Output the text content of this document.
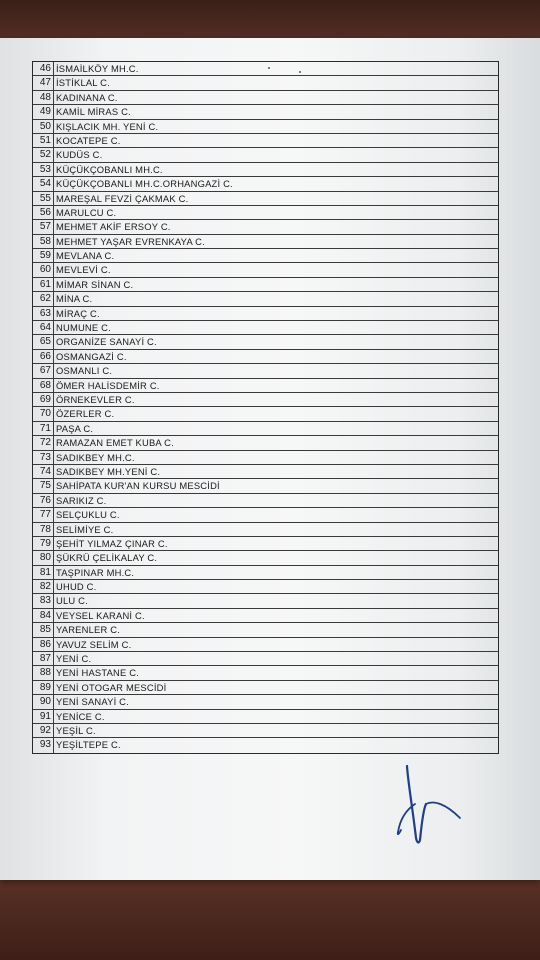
46 İSMAİLKÖY MH.C.
47 İSTİKLAL C.
48 KADINANA C.
49 KAMİL MİRAS C.
50 KIŞLACIK MH. YENİ C.
51 KOCATEPE C.
52 KUDÜS C.
53 KÜÇÜKÇOBANLI MH.C.
54 KÜÇÜKÇOBANLI MH.C.ORHANGAZİ C.
55 MAREŞAL FEVZİ ÇAKMAK C.
56 MARULCU C.
57 MEHMET AKİF ERSOY C.
58 MEHMET YAŞAR EVRENKAYA C.
59 MEVLANA C.
60 MEVLEVİ C.
61 MİMAR SİNAN C.
62 MİNA C.
63 MİRAÇ C.
64 NUMUNE C.
65 ORGANİZE SANAYİ C.
66 OSMANGAZİ C.
67 OSMANLI C.
68 ÖMER HALİSDEMİR C.
69 ÖRNEKEVLER C.
70 ÖZERLER C.
71 PAŞA C.
72 RAMAZAN EMET KUBA C.
73 SADIKBEY MH.C.
74 SADIKBEY MH.YENİ C.
75 SAHİPATA KUR'AN KURSU MESCİDİ
76 SARIKIZ C.
77 SELÇUKLU C.
78 SELİMİYE C.
79 ŞEHİT YILMAZ ÇINAR C.
80 ŞÜKRÜ ÇELİKALAY C.
81 TAŞPINAR MH.C.
82 UHUD C.
83 ULU C.
84 VEYSEL KARANİ C.
85 YARENLER C.
86 YAVUZ SELİM C.
87 YENİ C.
88 YENİ HASTANE C.
89 YENİ OTOGAR MESCİDİ
90 YENİ SANAYİ C.
91 YENİCE C.
92 YEŞİL C.
93 YEŞİLTEPE C.
